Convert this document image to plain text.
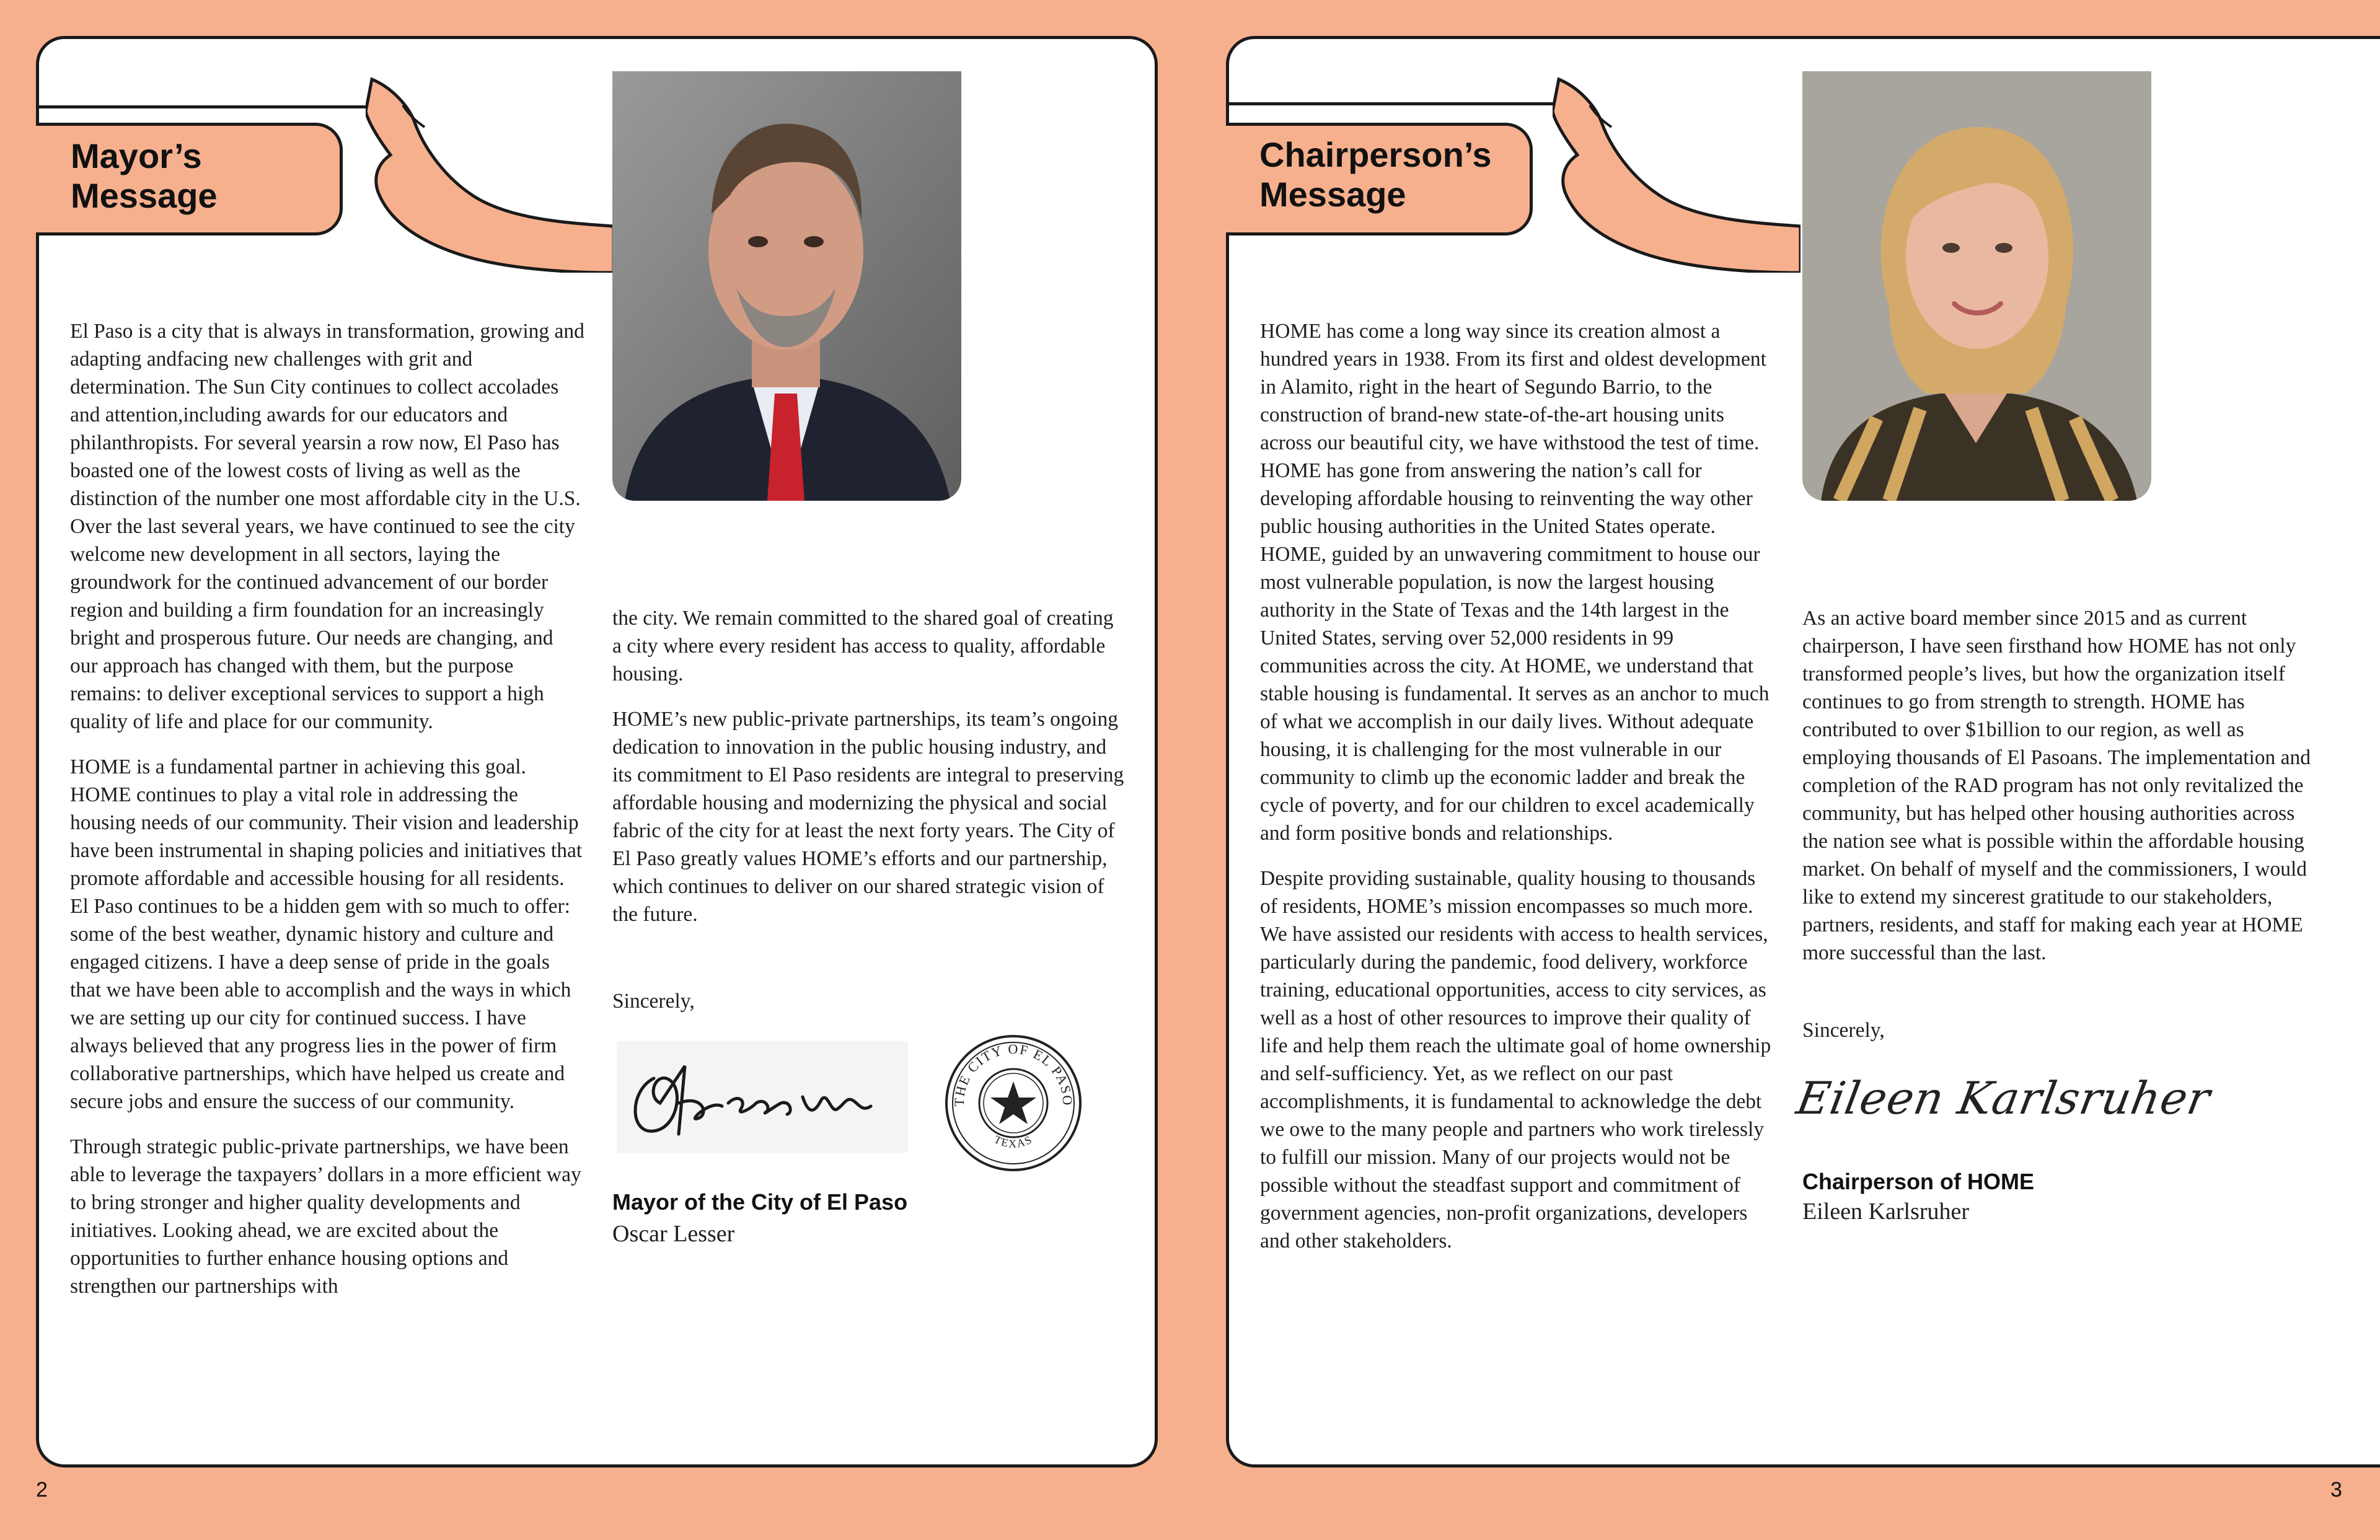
Mayor’s
Message

El Paso is a city that is always in transformation, growing and adapting andfacing new challenges with grit and determination. The Sun City continues to collect accolades and attention,including awards for our educators and philanthropists. For several yearsin a row now, El Paso has boasted one of the lowest costs of living as well as the distinction of the number one most affordable city in the U.S. Over the last several years, we have continued to see the city welcome new development in all sectors, laying the groundwork for the continued advancement of our border region and building a firm foundation for an increasingly bright and prosperous future. Our needs are changing, and our approach has changed with them, but the purpose remains: to deliver exceptional services to support a high quality of life and place for our community.

HOME is a fundamental partner in achieving this goal. HOME continues to play a vital role in addressing the housing needs of our community. Their vision and leadership have been instrumental in shaping policies and initiatives that promote affordable and accessible housing for all residents. El Paso continues to be a hidden gem with so much to offer: some of the best weather, dynamic history and culture and engaged citizens. I have a deep sense of pride in the goals that we have been able to accomplish and the ways in which we are setting up our city for continued success. I have always believed that any progress lies in the power of firm collaborative partnerships, which have helped us create and secure jobs and ensure the success of our community.

Through strategic public-private partnerships, we have been able to leverage the taxpayers’ dollars in a more efficient way to bring stronger and higher quality developments and initiatives. Looking ahead, we are excited about the opportunities to further enhance housing options and strengthen our partnerships with

the city. We remain committed to the shared goal of creating a city where every resident has access to quality, affordable housing.

HOME’s new public-private partnerships, its team’s ongoing dedication to innovation in the public housing industry, and its commitment to El Paso residents are integral to preserving affordable housing and modernizing the physical and social fabric of the city for at least the next forty years. The City of El Paso greatly values HOME’s efforts and our partnership, which continues to deliver on our shared strategic vision of the future.

Sincerely,
THE CITY OF EL PASO
TEXAS
Mayor of the City of El Paso
Oscar Lesser
2
Chairperson’s
Message

HOME has come a long way since its creation almost a hundred years in 1938. From its first and oldest development in Alamito, right in the heart of Segundo Barrio, to the construction of brand-new state-of-the-art housing units across our beautiful city, we have withstood the test of time. HOME has gone from answering the nation’s call for developing affordable housing to reinventing the way other public housing authorities in the United States operate. HOME, guided by an unwavering commitment to house our most vulnerable population, is now the largest housing authority in the State of Texas and the 14th largest in the United States, serving over 52,000 residents in 99 communities across the city. At HOME, we understand that stable housing is fundamental. It serves as an anchor to much of what we accomplish in our daily lives. Without adequate housing, it is challenging for the most vulnerable in our community to climb up the economic ladder and break the cycle of poverty, and for our children to excel academically and form positive bonds and relationships.

Despite providing sustainable, quality housing to thousands of residents, HOME’s mission encompasses so much more. We have assisted our residents with access to health services, particularly during the pandemic, food delivery, workforce training, educational opportunities, access to city services, as well as a host of other resources to improve their quality of life and help them reach the ultimate goal of home ownership and self-sufficiency. Yet, as we reflect on our past accomplishments, it is fundamental to acknowledge the debt we owe to the many people and partners who work tirelessly to fulfill our mission. Many of our projects would not be possible without the steadfast support and commitment of government agencies, non-profit organizations, developers and other stakeholders.

As an active board member since 2015 and as current chairperson, I have seen firsthand how HOME has not only transformed people’s lives, but how the organization itself continues to go from strength to strength. HOME has contributed to over $1billion to our region, as well as employing thousands of El Pasoans. The implementation and completion of the RAD program has not only revitalized the community, but has helped other housing authorities across the nation see what is possible within the affordable housing market. On behalf of myself and the commissioners, I would like to extend my sincerest gratitude to our stakeholders, partners, residents, and staff for making each year at HOME more successful than the last.

Sincerely,
Eileen Karlsruher
Chairperson of HOME
Eileen Karlsruher
3
